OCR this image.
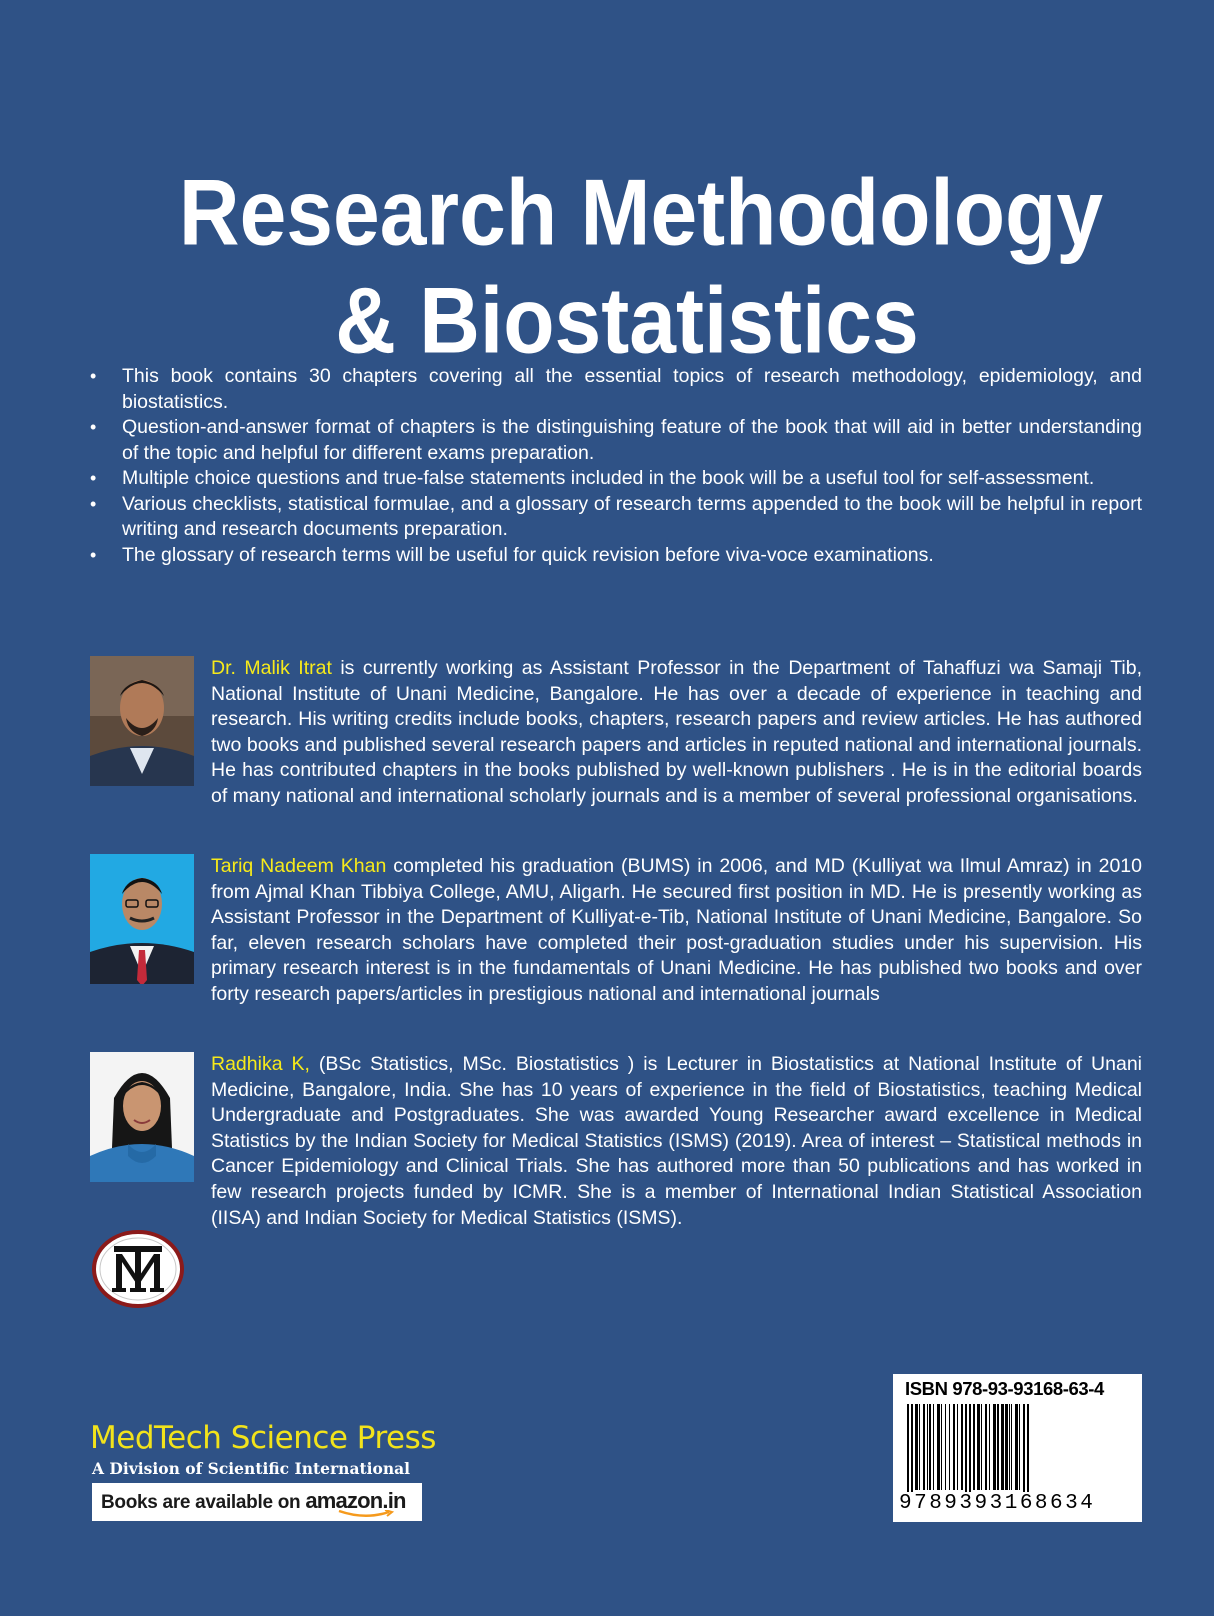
Research Methodology
& Biostatistics
• This book contains 30 chapters covering all the essential topics of research methodology, epidemiology, and biostatistics.
• Question-and-answer format of chapters is the distinguishing feature of the book that will aid in better understanding of the topic and helpful for different exams preparation.
• Multiple choice questions and true-false statements included in the book will be a useful tool for self-assessment.
• Various checklists, statistical formulae, and a glossary of research terms appended to the book will be helpful in report writing and research documents preparation.
• The glossary of research terms will be useful for quick revision before viva-voce examinations.
Dr. Malik Itrat is currently working as Assistant Professor in the Department of Tahaffuzi wa Samaji Tib, National Institute of Unani Medicine, Bangalore. He has over a decade of experience in teaching and research. His writing credits include books, chapters, research papers and review articles. He has authored two books and published several research papers and articles in reputed national and international journals. He has contributed chapters in the books published by well-known publishers . He is in the editorial boards of many national and international scholarly journals and is a member of several professional organisations.
Tariq Nadeem Khan completed his graduation (BUMS) in 2006, and MD (Kulliyat wa Ilmul Amraz) in 2010 from Ajmal Khan Tibbiya College, AMU, Aligarh. He secured first position in MD. He is presently working as Assistant Professor in the Department of Kulliyat-e-Tib, National Institute of Unani Medicine, Bangalore. So far, eleven research scholars have completed their post-graduation studies under his supervision. His primary research interest is in the fundamentals of Unani Medicine. He has published two books and over forty research papers/articles in prestigious national and international journals
Radhika K, (BSc Statistics, MSc. Biostatistics ) is Lecturer in Biostatistics at National Institute of Unani Medicine, Bangalore, India. She has 10 years of experience in the field of Biostatistics, teaching Medical Undergraduate and Postgraduates. She was awarded Young Researcher award excellence in Medical Statistics by the Indian Society for Medical Statistics (ISMS) (2019). Area of interest – Statistical methods in Cancer Epidemiology and Clinical Trials. She has authored more than 50 publications and has worked in few research projects funded by ICMR. She is a member of International Indian Statistical Association (IISA) and Indian Society for Medical Statistics (ISMS).
MedTech Science Press
A Division of Scientific International
Books are available on amazon.in
ISBN 978-93-93168-63-4
9789393168634
